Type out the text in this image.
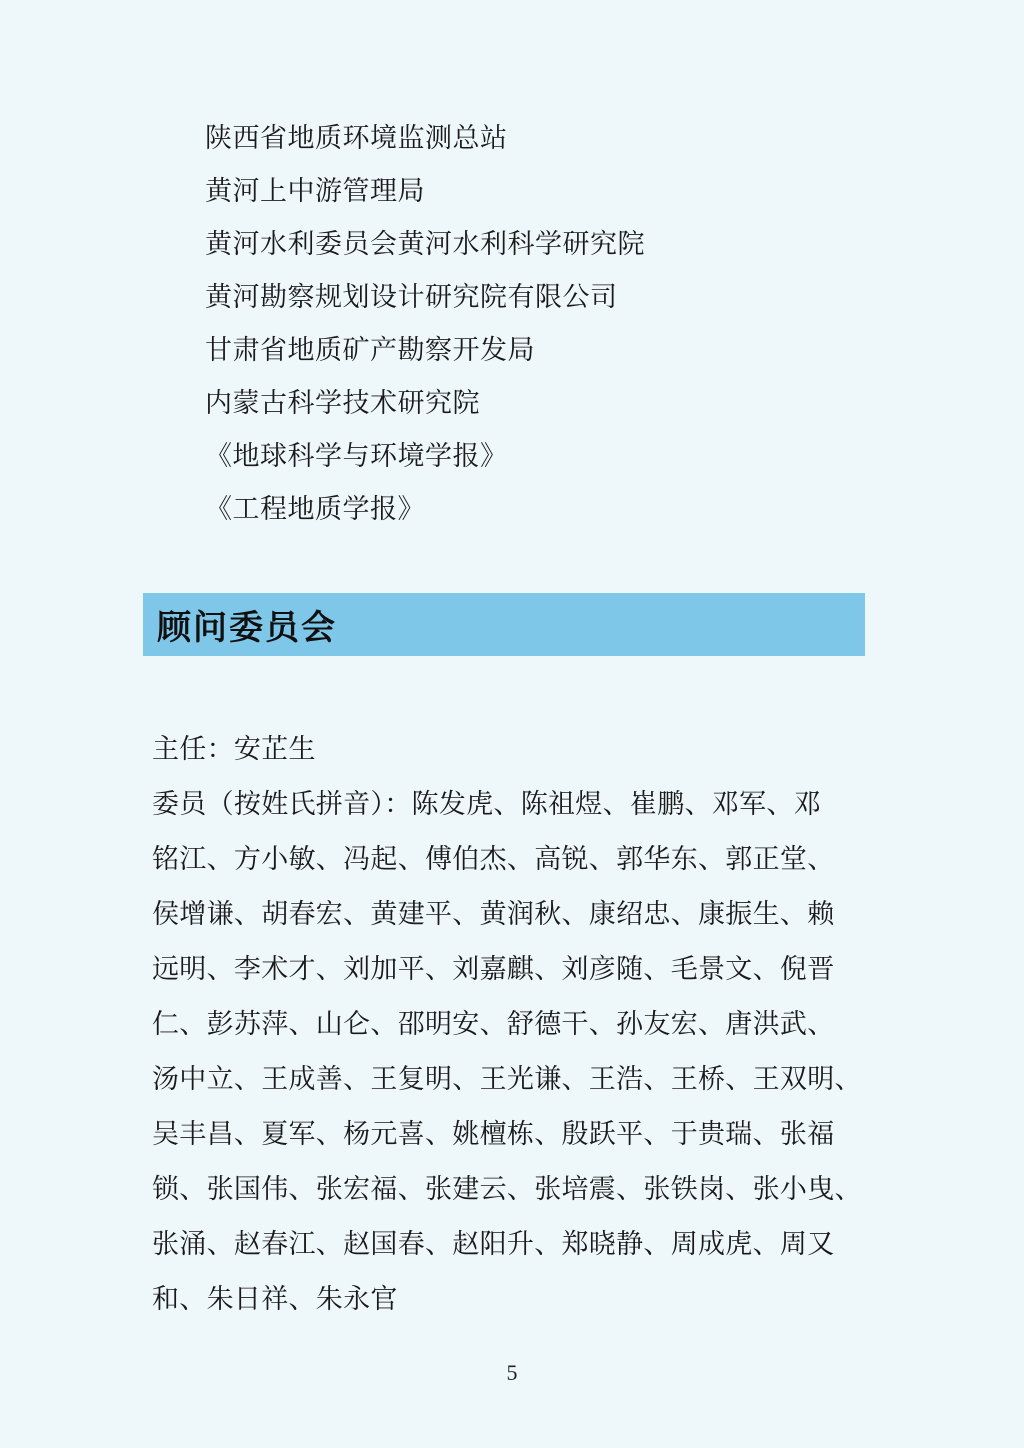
陕西省地质环境监测总站
黄河上中游管理局
黄河水利委员会黄河水利科学研究院
黄河勘察规划设计研究院有限公司
甘肃省地质矿产勘察开发局
内蒙古科学技术研究院
《地球科学与环境学报》
《工程地质学报》
顾问委员会
主任：安芷生
委员（按姓氏拼音）：陈发虎、陈祖煜、崔鹏、邓军、邓
铭江、方小敏、冯起、傅伯杰、高锐、郭华东、郭正堂、
侯增谦、胡春宏、黄建平、黄润秋、康绍忠、康振生、赖
远明、李术才、刘加平、刘嘉麒、刘彦随、毛景文、倪晋
仁、彭苏萍、山仑、邵明安、舒德干、孙友宏、唐洪武、
汤中立、王成善、王复明、王光谦、王浩、王桥、王双明、
吴丰昌、夏军、杨元喜、姚檀栋、殷跃平、于贵瑞、张福
锁、张国伟、张宏福、张建云、张培震、张铁岗、张小曳、
张涌、赵春江、赵国春、赵阳升、郑晓静、周成虎、周又
和、朱日祥、朱永官
5
